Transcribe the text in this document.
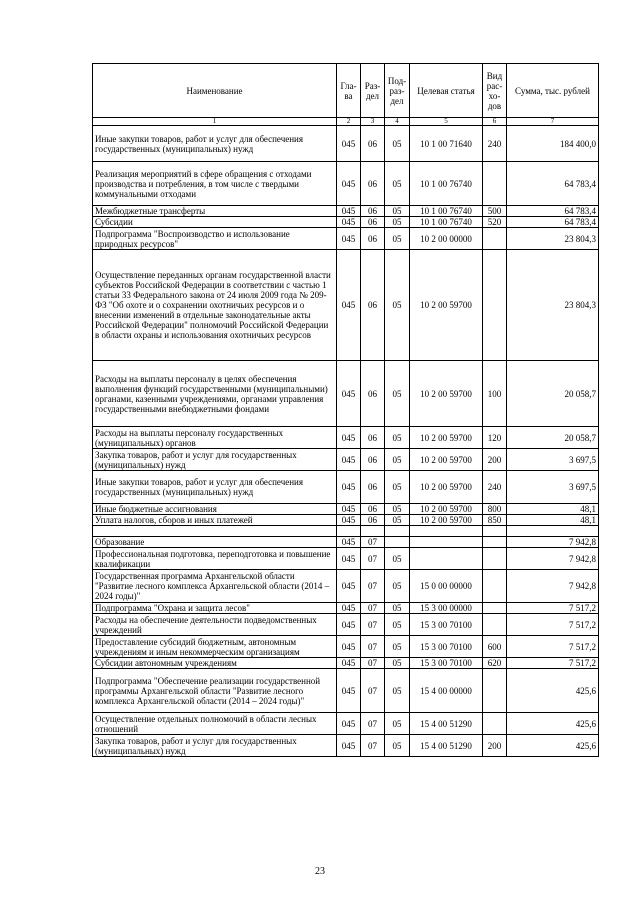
Наименование	Гла-ва	Раз-дел	Под-раз-дел	Целевая статья	Вид рас-хо-дов	Сумма, тыс. рублей
1	2	3	4	5	6	7
Иные закупки товаров, работ и услуг для обеспечения государственных (муниципальных) нужд	045	06	05	10 1 00 71640	240	184 400,0
Реализация мероприятий в сфере обращения с отходами производства и потребления, в том числе с твердыми коммунальными отходами	045	06	05	10 1 00 76740		64 783,4
Межбюджетные трансферты	045	06	05	10 1 00 76740	500	64 783,4
Субсидии	045	06	05	10 1 00 76740	520	64 783,4
Подпрограмма "Воспроизводство и использование природных ресурсов"	045	06	05	10 2 00 00000		23 804,3
Осуществление переданных органам государственной власти субъектов Российской Федерации в соответствии с частью 1 статьи 33 Федерального закона от 24 июля 2009 года № 209-ФЗ "Об охоте и о сохранении охотничьих ресурсов и о внесении изменений в отдельные законодательные акты Российской Федерации" полномочий Российской Федерации в области охраны и использования охотничьих ресурсов	045	06	05	10 2 00 59700		23 804,3
Расходы на выплаты персоналу в целях обеспечения выполнения функций государственными (муниципальными) органами, казенными учреждениями, органами управления государственными внебюджетными фондами	045	06	05	10 2 00 59700	100	20 058,7
Расходы на выплаты персоналу государственных (муниципальных) органов	045	06	05	10 2 00 59700	120	20 058,7
Закупка товаров, работ и услуг для государственных (муниципальных) нужд	045	06	05	10 2 00 59700	200	3 697,5
Иные закупки товаров, работ и услуг для обеспечения государственных (муниципальных) нужд	045	06	05	10 2 00 59700	240	3 697,5
Иные бюджетные ассигнования	045	06	05	10 2 00 59700	800	48,1
Уплата налогов, сборов и иных платежей	045	06	05	10 2 00 59700	850	48,1

Образование	045	07				7 942,8
Профессиональная подготовка, переподготовка и повышение квалификации	045	07	05			7 942,8
Государственная программа Архангельской области "Развитие лесного комплекса Архангельской области (2014 – 2024 годы)"	045	07	05	15 0 00 00000		7 942,8
Подпрограмма "Охрана и защита лесов"	045	07	05	15 3 00 00000		7 517,2
Расходы на обеспечение деятельности подведомственных учреждений	045	07	05	15 3 00 70100		7 517,2
Предоставление субсидий бюджетным, автономным учреждениям и иным некоммерческим организациям	045	07	05	15 3 00 70100	600	7 517,2
Субсидии автономным учреждениям	045	07	05	15 3 00 70100	620	7 517,2
Подпрограмма "Обеспечение реализации государственной программы Архангельской области "Развитие лесного комплекса Архангельской области (2014 – 2024 годы)"	045	07	05	15 4 00 00000		425,6
Осуществление отдельных полномочий в области лесных отношений	045	07	05	15 4 00 51290		425,6
Закупка товаров, работ и услуг для государственных (муниципальных) нужд	045	07	05	15 4 00 51290	200	425,6
23
